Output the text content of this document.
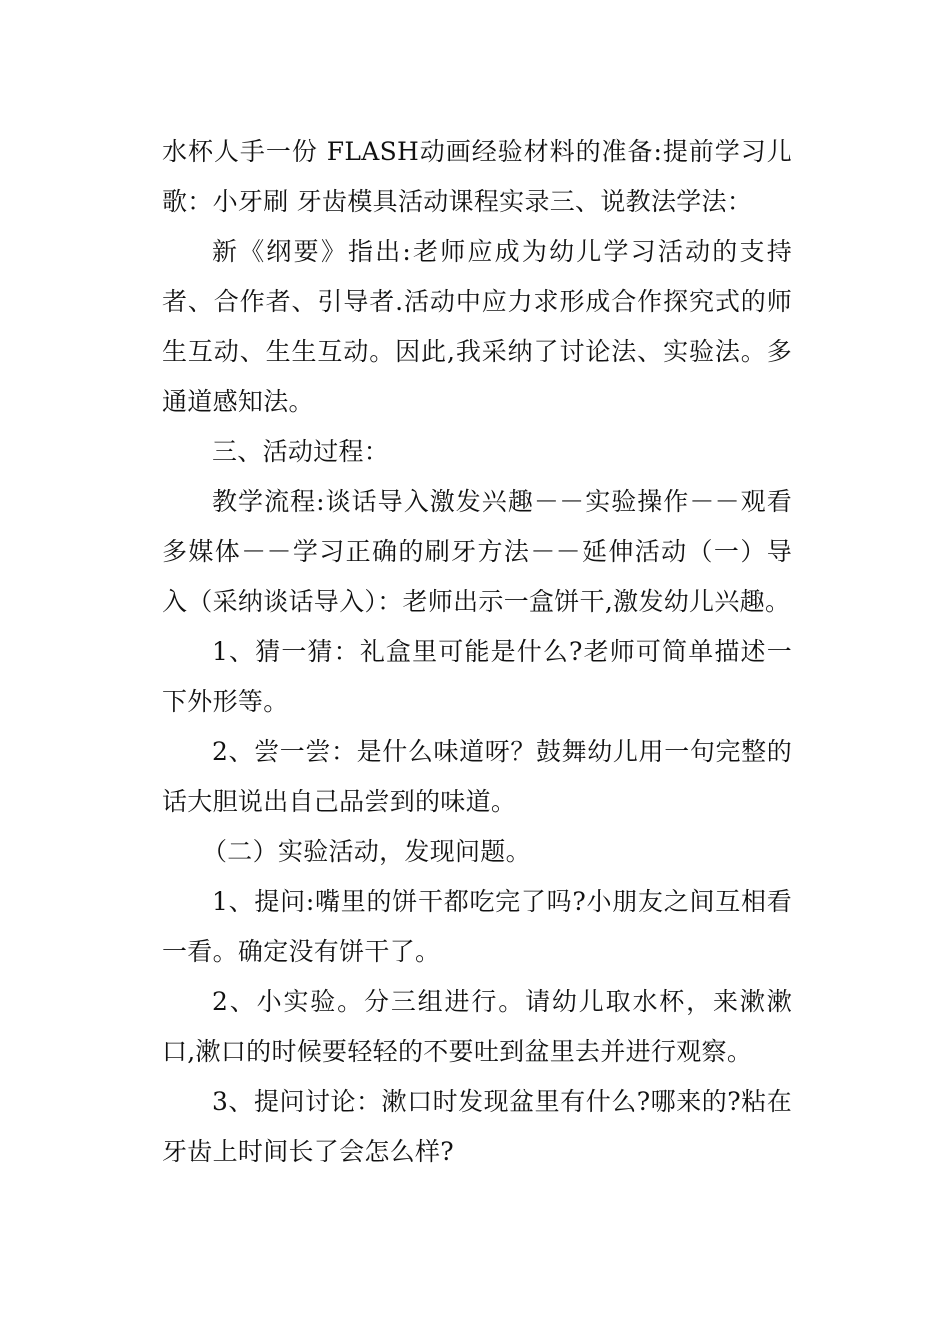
水杯人手一份 FLASH动画经验材料的准备:提前学习儿歌：小牙刷 牙齿模具活动课程实录三、说教法学法：

新《纲要》指出:老师应成为幼儿学习活动的支持者、合作者、引导者.活动中应力求形成合作探究式的师生互动、生生互动。因此,我采纳了讨论法、实验法。多通道感知法。

三、活动过程：

教学流程:谈话导入激发兴趣－－实验操作－－观看多媒体－－学习正确的刷牙方法－－延伸活动（一）导入（采纳谈话导入）：老师出示一盒饼干,激发幼儿兴趣。

1、猜一猜：礼盒里可能是什么?老师可简单描述一下外形等。

2、尝一尝：是什么味道呀？鼓舞幼儿用一句完整的话大胆说出自己品尝到的味道。

（二）实验活动，发现问题。

1、提问:嘴里的饼干都吃完了吗?小朋友之间互相看一看。确定没有饼干了。

2、小实验。分三组进行。请幼儿取水杯，来漱漱口,漱口的时候要轻轻的不要吐到盆里去并进行观察。

3、提问讨论：漱口时发现盆里有什么?哪来的?粘在牙齿上时间长了会怎么样?
